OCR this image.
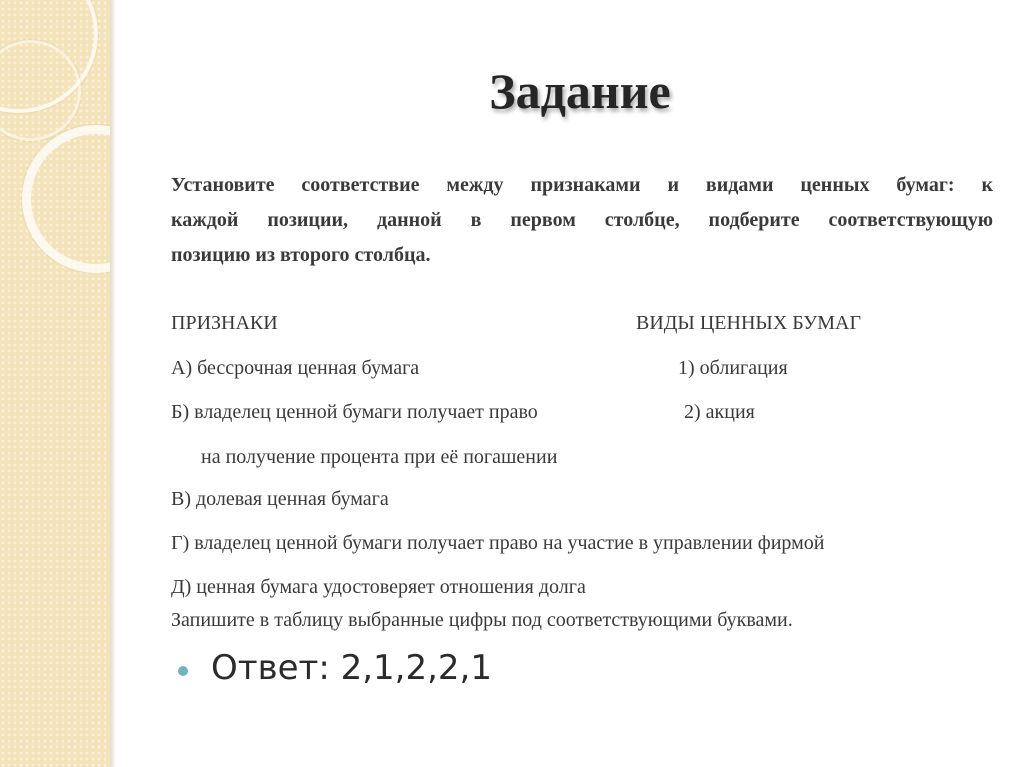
Задание
Установите соответствие между признаками и видами ценных бумаг: к
каждой позиции, данной в первом столбце, подберите соответствующую
позицию из второго столбца.
ПРИЗНАКИ	ВИДЫ ЦЕННЫХ БУМАГ
А) бессрочная ценная бумага	1) облигация
Б) владелец ценной бумаги получает право	2) акция
на получение процента при её погашении
В) долевая ценная бумага
Г) владелец ценной бумаги получает право на участие в управлении фирмой
Д) ценная бумага удостоверяет отношения долга
Запишите в таблицу выбранные цифры под соответствующими буквами.
Ответ: 2,1,2,2,1
